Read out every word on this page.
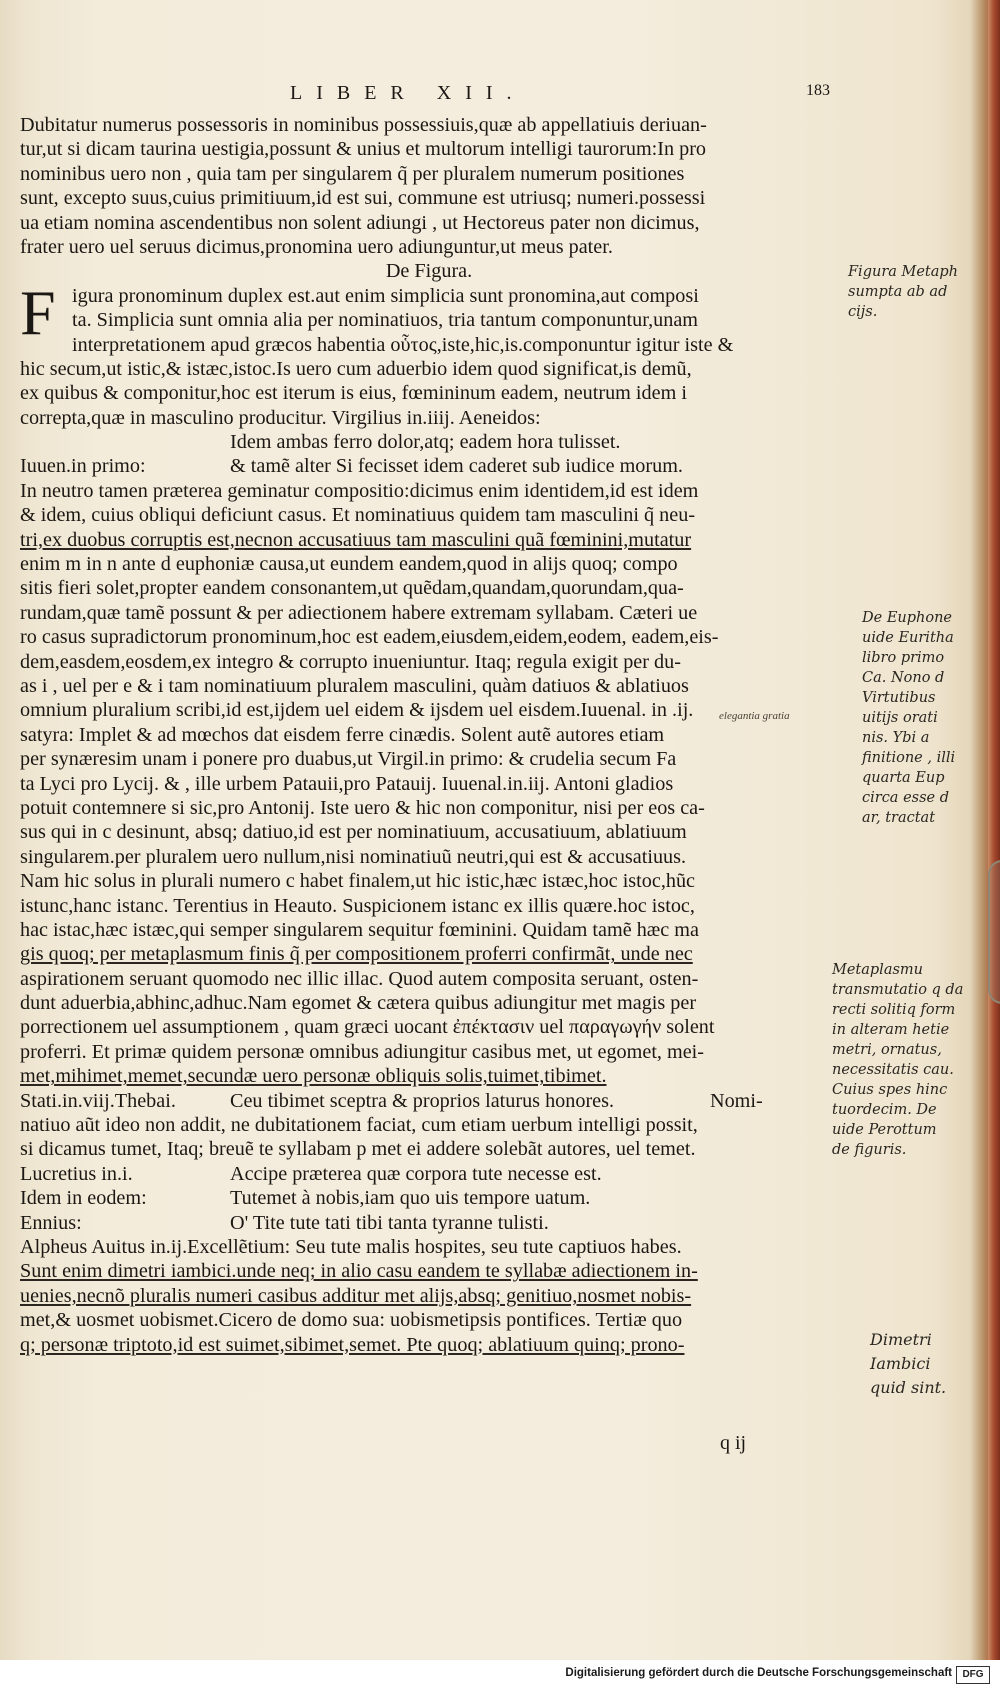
LIBER XII.	183
Dubitatur numerus possessoris in nominibus possessiuis,quæ ab appellatiuis deriuan-
tur,ut si dicam taurina uestigia,possunt & unius et multorum intelligi taurorum:In pro
nominibus uero non , quia tam per singularem q̃ per pluralem numerum positiones
sunt, excepto suus,cuius primitiuum,id est sui, commune est utriusq; numeri.possessi
ua etiam nomina ascendentibus non solent adiungi , ut Hectoreus pater non dicimus,
frater uero uel seruus dicimus,pronomina uero adiunguntur,ut meus pater.
De Figura.
F igura pronominum duplex est.aut enim simplicia sunt pronomina,aut composi
ta. Simplicia sunt omnia alia per nominatiuos, tria tantum componuntur,unam
interpretationem apud græcos habentia οὗτος,iste,hic,is.componuntur igitur iste &
hic secum,ut istic,& istæc,istoc.Is uero cum aduerbio idem quod significat,is demũ,
ex quibus & componitur,hoc est iterum is eius, fœmininum eadem, neutrum idem i
correpta,quæ in masculino producitur. Virgilius in.iiij. Aeneidos:
Idem ambas ferro dolor,atq; eadem hora tulisset.
Iuuen.in primo:	& tamẽ alter Si fecisset idem caderet sub iudice morum.
In neutro tamen præterea geminatur compositio:dicimus enim identidem,id est idem
& idem, cuius obliqui deficiunt casus. Et nominatiuus quidem tam masculini q̃ neu-
tri,ex duobus corruptis est,necnon accusatiuus tam masculini quã fœminini,mutatur
enim m in n ante d euphoniæ causa,ut eundem eandem,quod in alijs quoq; compo
sitis fieri solet,propter eandem consonantem,ut quẽdam,quandam,quorundam,qua-
rundam,quæ tamẽ possunt & per adiectionem habere extremam syllabam. Cæteri ue
ro casus supradictorum pronominum,hoc est eadem,eiusdem,eidem,eodem, eadem,eis-
dem,easdem,eosdem,ex integro & corrupto inueniuntur. Itaq; regula exigit per du-
as i , uel per e & i tam nominatiuum pluralem masculini, quàm datiuos & ablatiuos
omnium pluralium scribi,id est,ijdem uel eidem & ijsdem uel eisdem.Iuuenal. in .ij.
satyra: Implet & ad mœchos dat eisdem ferre cinædis. Solent autẽ autores etiam
per synæresim unam i ponere pro duabus,ut Virgil.in primo: & crudelia secum Fa
ta Lyci pro Lycij. & , ille urbem Patauii,pro Patauij. Iuuenal.in.iij. Antoni gladios
potuit contemnere si sic,pro Antonij. Iste uero & hic non componitur, nisi per eos ca-
sus qui in c desinunt, absq; datiuo,id est per nominatiuum, accusatiuum, ablatiuum
singularem.per pluralem uero nullum,nisi nominatiuũ neutri,qui est & accusatiuus.
Nam hic solus in plurali numero c habet finalem,ut hic istic,hæc istæc,hoc istoc,hũc
istunc,hanc istanc. Terentius in Heauto. Suspicionem istanc ex illis quære.hoc istoc,
hac istac,hæc istæc,qui semper singularem sequitur fœminini. Quidam tamẽ hæc ma
gis quoq; per metaplasmum finis q̃ per compositionem proferri confirmãt, unde nec
aspirationem seruant quomodo nec illic illac. Quod autem composita seruant, osten-
dunt aduerbia,abhinc,adhuc.Nam egomet & cætera quibus adiungitur met magis per
porrectionem uel assumptionem , quam græci uocant ἐπέκτασιν uel παραγωγήν solent
proferri. Et primæ quidem personæ omnibus adiungitur casibus met, ut egomet, mei-
met,mihimet,memet,secundæ uero personæ obliquis solis,tuimet,tibimet.
Stati.in.viij.Thebai.	Ceu tibimet sceptra & proprios laturus honores.	Nomi-
natiuo aũt ideo non addit, ne dubitationem faciat, cum etiam uerbum intelligi possit,
si dicamus tumet, Itaq; breuẽ te syllabam p met ei addere solebãt autores, uel temet.
Lucretius in.i.	Accipe præterea quæ corpora tute necesse est.
Idem in eodem:	Tutemet à nobis,iam quo uis tempore uatum.
Ennius:	O' Tite tute tati tibi tanta tyranne tulisti.
Alpheus Auitus in.ij.Excellẽtium: Seu tute malis hospites, seu tute captiuos habes.
Sunt enim dimetri iambici.unde neq; in alio casu eandem te syllabæ adiectionem in-
uenies,necnõ pluralis numeri casibus additur met alijs,absq; genitiuo,nosmet nobis-
met,& uosmet uobismet.Cicero de domo sua: uobismetipsis pontifices. Tertiæ quo
q; personæ triptoto,id est suimet,sibimet,semet. Pte quoq; ablatiuum quinq; prono-
elegantia gratia
q ij
Figura Metaph
sumpta ab ad
cijs.
De Euphone
uide Euritha
libro primo
Ca. Nono d
Virtutibus
uitijs orati
nis. Ybi a
finitione , illi
quarta Eup
circa esse d
ar, tractat
Metaplasmu
transmutatio q da
recti solitiq form
in alteram hetie
metri, ornatus,
necessitatis cau.
Cuius spes hinc
tuordecim. De
uide Perottum
de figuris.
Dimetri
Iambici
quid sint.
Digitalisierung gefördert durch die Deutsche Forschungsgemeinschaft	DFG
